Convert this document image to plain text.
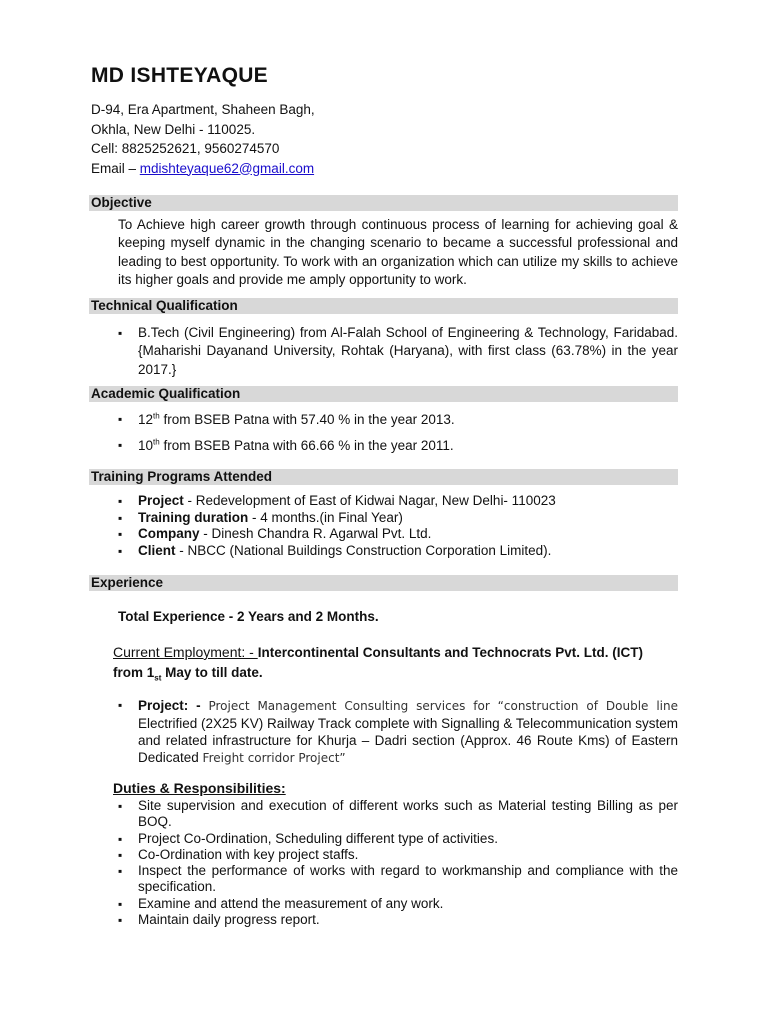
MD ISHTEYAQUE
D-94, Era Apartment, Shaheen Bagh,
Okhla, New Delhi - 110025.
Cell: 8825252621, 9560274570
Email – mdishteyaque62@gmail.com
Objective
To Achieve high career growth through continuous process of learning for achieving goal & keeping myself dynamic in the changing scenario to became a successful professional and leading to best opportunity. To work with an organization which can utilize my skills to achieve its higher goals and provide me amply opportunity to work.
Technical Qualification
▪ B.Tech (Civil Engineering) from Al-Falah School of Engineering & Technology, Faridabad.{Maharishi Dayanand University, Rohtak (Haryana), with first class (63.78%) in the year 2017.}
Academic Qualification
▪ 12th from BSEB Patna with 57.40 % in the year 2013.
▪ 10th from BSEB Patna with 66.66 % in the year 2011.
Training Programs Attended
▪ Project - Redevelopment of East of Kidwai Nagar, New Delhi- 110023
▪ Training duration - 4 months.(in Final Year)
▪ Company - Dinesh Chandra R. Agarwal Pvt. Ltd.
▪ Client - NBCC (National Buildings Construction Corporation Limited).
Experience
Total Experience - 2 Years and 2 Months.
Current Employment: - Intercontinental Consultants and Technocrats Pvt. Ltd. (ICT)
from $1_{st}$ May to till date.
▪ Project: - Project Management Consulting services for “construction of Double line Electrified (2X25 KV) Railway Track complete with Signalling & Telecommunication system and related infrastructure for Khurja – Dadri section (Approx. 46 Route Kms) of Eastern Dedicated Freight corridor Project”
Duties & Responsibilities:
▪ Site supervision and execution of different works such as Material testing Billing as per BOQ.
▪ Project Co-Ordination, Scheduling different type of activities.
▪ Co-Ordination with key project staffs.
▪ Inspect the performance of works with regard to workmanship and compliance with the specification.
▪ Examine and attend the measurement of any work.
▪ Maintain daily progress report.
